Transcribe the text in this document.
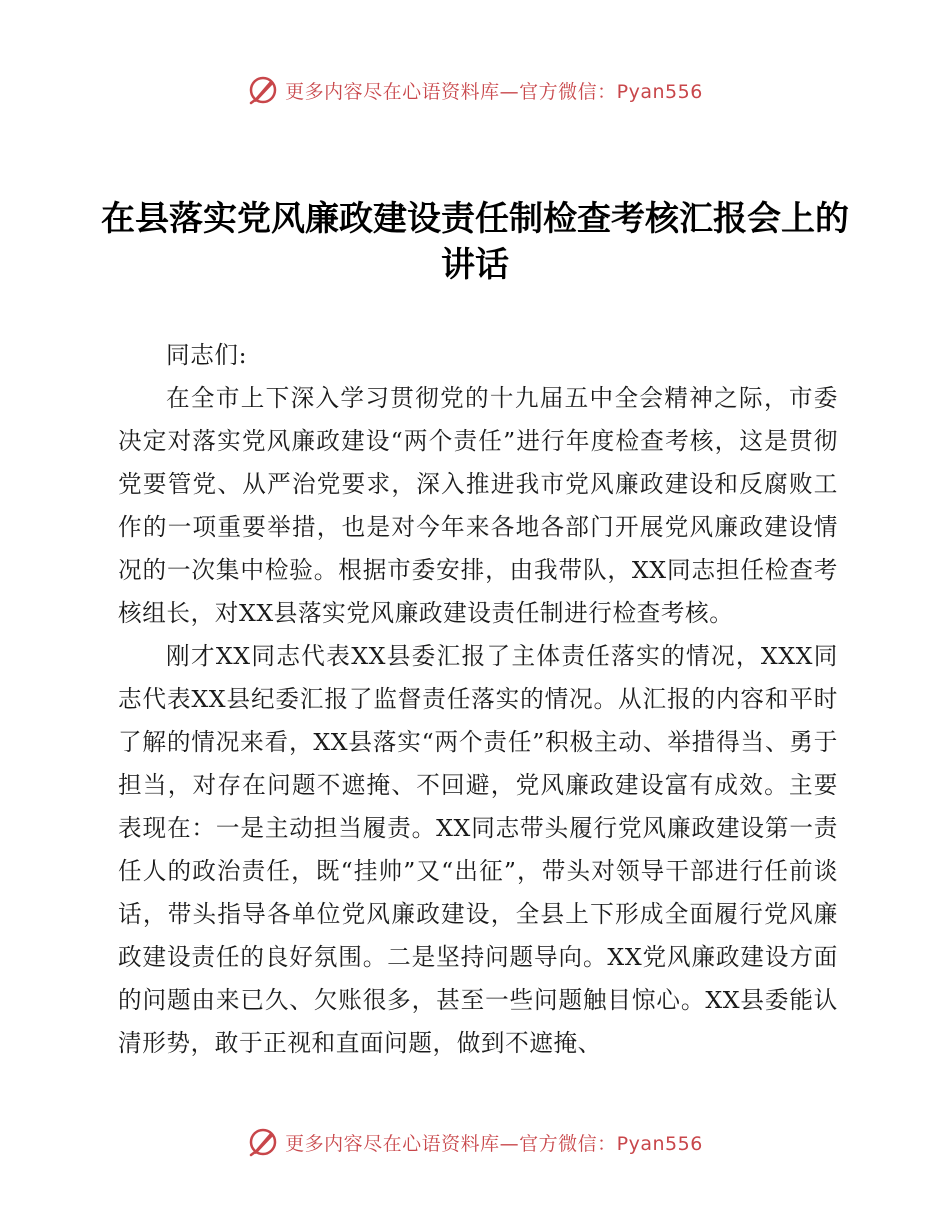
更多内容尽在心语资料库—官方微信：Pyan556
在县落实党风廉政建设责任制检查考核汇报会上的讲话

同志们:

在全市上下深入学习贯彻党的十九届五中全会精神之际，市委决定对落实党风廉政建设“两个责任”进行年度检查考核，这是贯彻党要管党、从严治党要求，深入推进我市党风廉政建设和反腐败工作的一项重要举措，也是对今年来各地各部门开展党风廉政建设情况的一次集中检验。根据市委安排，由我带队，XX同志担任检查考核组长，对XX县落实党风廉政建设责任制进行检查考核。

刚才XX同志代表XX县委汇报了主体责任落实的情况，XXX同志代表XX县纪委汇报了监督责任落实的情况。从汇报的内容和平时了解的情况来看，XX县落实“两个责任”积极主动、举措得当、勇于担当，对存在问题不遮掩、不回避，党风廉政建设富有成效。主要表现在：一是主动担当履责。XX同志带头履行党风廉政建设第一责任人的政治责任，既“挂帅”又“出征”，带头对领导干部进行任前谈话，带头指导各单位党风廉政建设，全县上下形成全面履行党风廉政建设责任的良好氛围。二是坚持问题导向。XX党风廉政建设方面的问题由来已久、欠账很多，甚至一些问题触目惊心。XX县委能认清形势，敢于正视和直面问题，做到不遮掩、

更多内容尽在心语资料库—官方微信：Pyan556
